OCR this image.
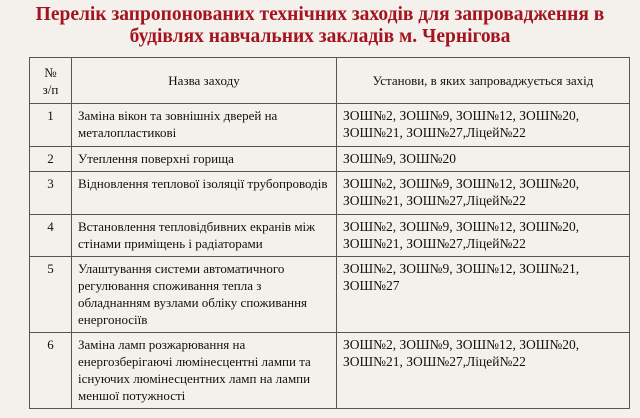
Перелік запропонованих технічних заходів для запровадження в
будівлях навчальних закладів м. Чернігова
№
з/п	Назва заходу	Установи, в яких запроваджується захід
1	Заміна вікон та зовнішніх дверей на металопластикові	ЗОШ№2, ЗОШ№9, ЗОШ№12, ЗОШ№20, ЗОШ№21, ЗОШ№27,Ліцей№22
2	Утеплення поверхні горища	ЗОШ№9, ЗОШ№20
3	Відновлення теплової ізоляції трубопроводів	ЗОШ№2, ЗОШ№9, ЗОШ№12, ЗОШ№20, ЗОШ№21, ЗОШ№27,Ліцей№22
4	Встановлення тепловідбивних екранів між стінами приміщень і радіаторами	ЗОШ№2, ЗОШ№9, ЗОШ№12, ЗОШ№20, ЗОШ№21, ЗОШ№27,Ліцей№22
5	Улаштування системи автоматичного регулювання споживання тепла з обладнанням вузлами обліку споживання енергоносіїв	ЗОШ№2, ЗОШ№9, ЗОШ№12, ЗОШ№21, ЗОШ№27
6	Заміна ламп розжарювання на енергозберігаючі люмінесцентні лампи та існуючих люмінесцентних ламп на лампи меншої потужності	ЗОШ№2, ЗОШ№9, ЗОШ№12, ЗОШ№20, ЗОШ№21, ЗОШ№27,Ліцей№22
